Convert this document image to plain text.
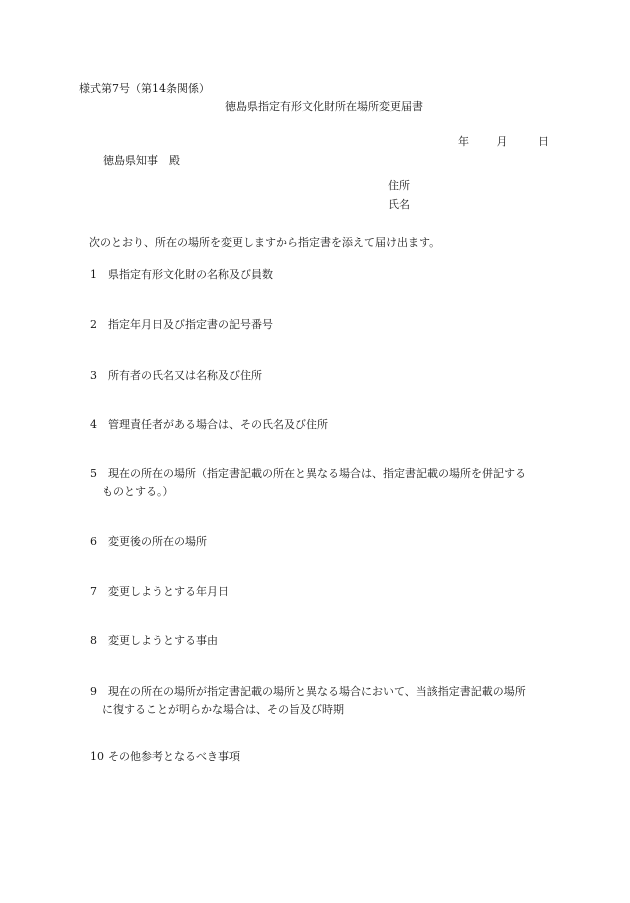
様式第7号（第14条関係）
徳島県指定有形文化財所在場所変更届書
年	月	日
徳島県知事　殿
住所
氏名
次のとおり、所在の場所を変更しますから指定書を添えて届け出ます。
1 県指定有形文化財の名称及び員数
2 指定年月日及び指定書の記号番号
3 所有者の氏名又は名称及び住所
4 管理責任者がある場合は、その氏名及び住所
5 現在の所在の場所（指定書記載の所在と異なる場合は、指定書記載の場所を併記する
ものとする。）
6 変更後の所在の場所
7 変更しようとする年月日
8 変更しようとする事由
9 現在の所在の場所が指定書記載の場所と異なる場合において、当該指定書記載の場所
に復することが明らかな場合は、その旨及び時期
10 その他参考となるべき事項
